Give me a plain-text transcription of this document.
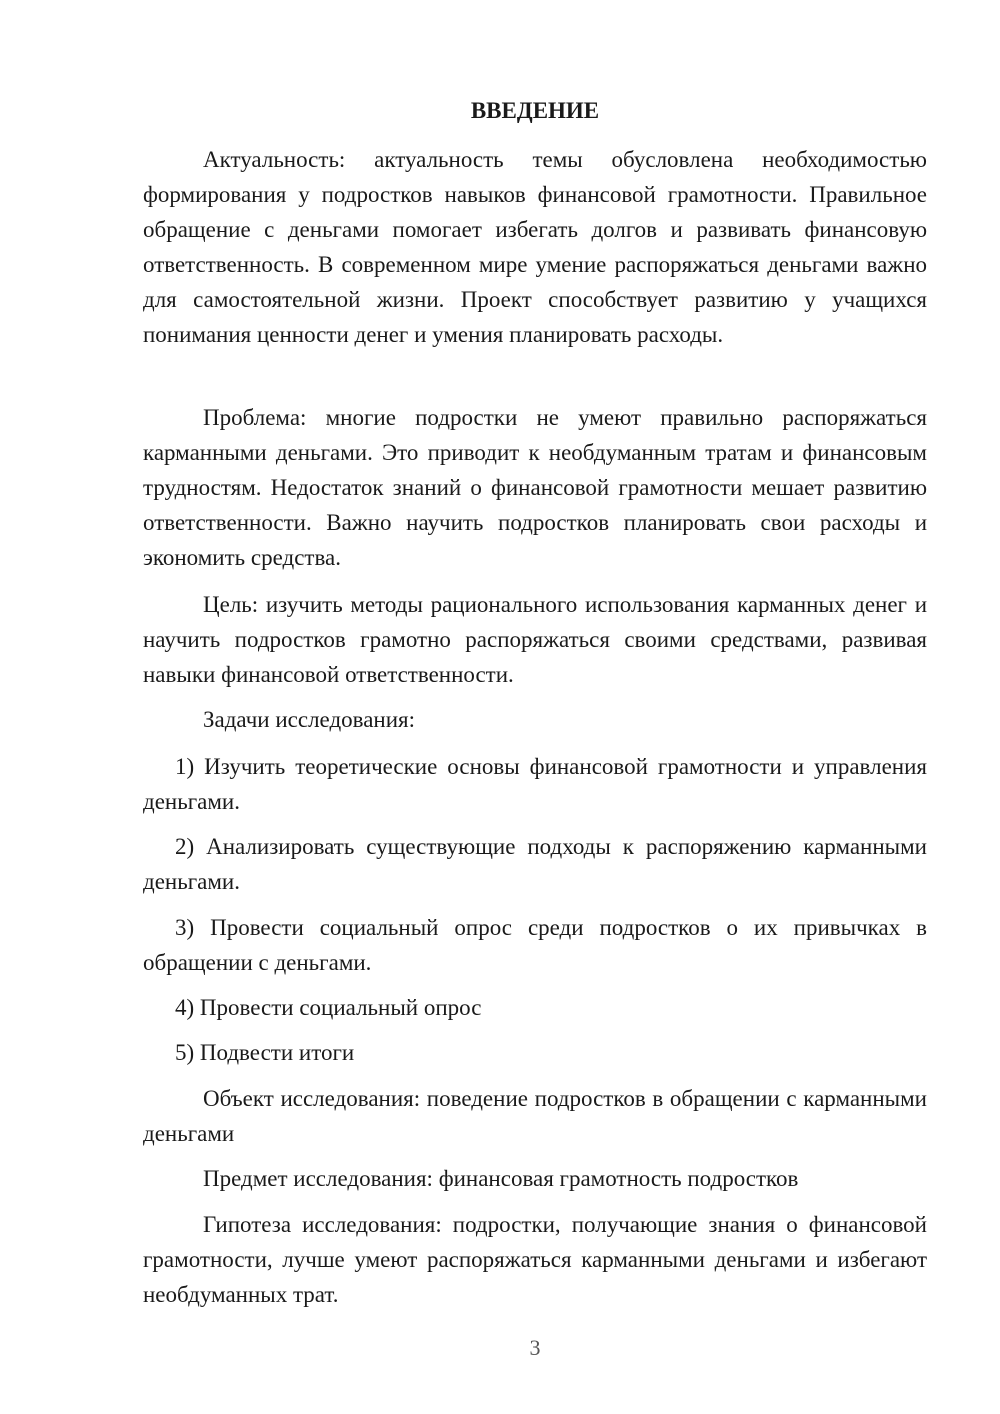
ВВЕДЕНИЕ

Актуальность: актуальность темы обусловлена необходимостью формирования у подростков навыков финансовой грамотности. Правильное обращение с деньгами помогает избегать долгов и развивать финансовую ответственность. В современном мире умение распоряжаться деньгами важно для самостоятельной жизни. Проект способствует развитию у учащихся понимания ценности денег и умения планировать расходы.

Проблема: многие подростки не умеют правильно распоряжаться карманными деньгами. Это приводит к необдуманным тратам и финансовым трудностям. Недостаток знаний о финансовой грамотности мешает развитию ответственности. Важно научить подростков планировать свои расходы и экономить средства.

Цель: изучить методы рационального использования карманных денег и научить подростков грамотно распоряжаться своими средствами, развивая навыки финансовой ответственности.

Задачи исследования:

1) Изучить теоретические основы финансовой грамотности и управления деньгами.

2) Анализировать существующие подходы к распоряжению карманными деньгами.

3) Провести социальный опрос среди подростков о их привычках в обращении с деньгами.

4) Провести социальный опрос

5) Подвести итоги

Объект исследования: поведение подростков в обращении с карманными деньгами

Предмет исследования: финансовая грамотность подростков

Гипотеза исследования: подростки, получающие знания о финансовой грамотности, лучше умеют распоряжаться карманными деньгами и избегают необдуманных трат.

3
